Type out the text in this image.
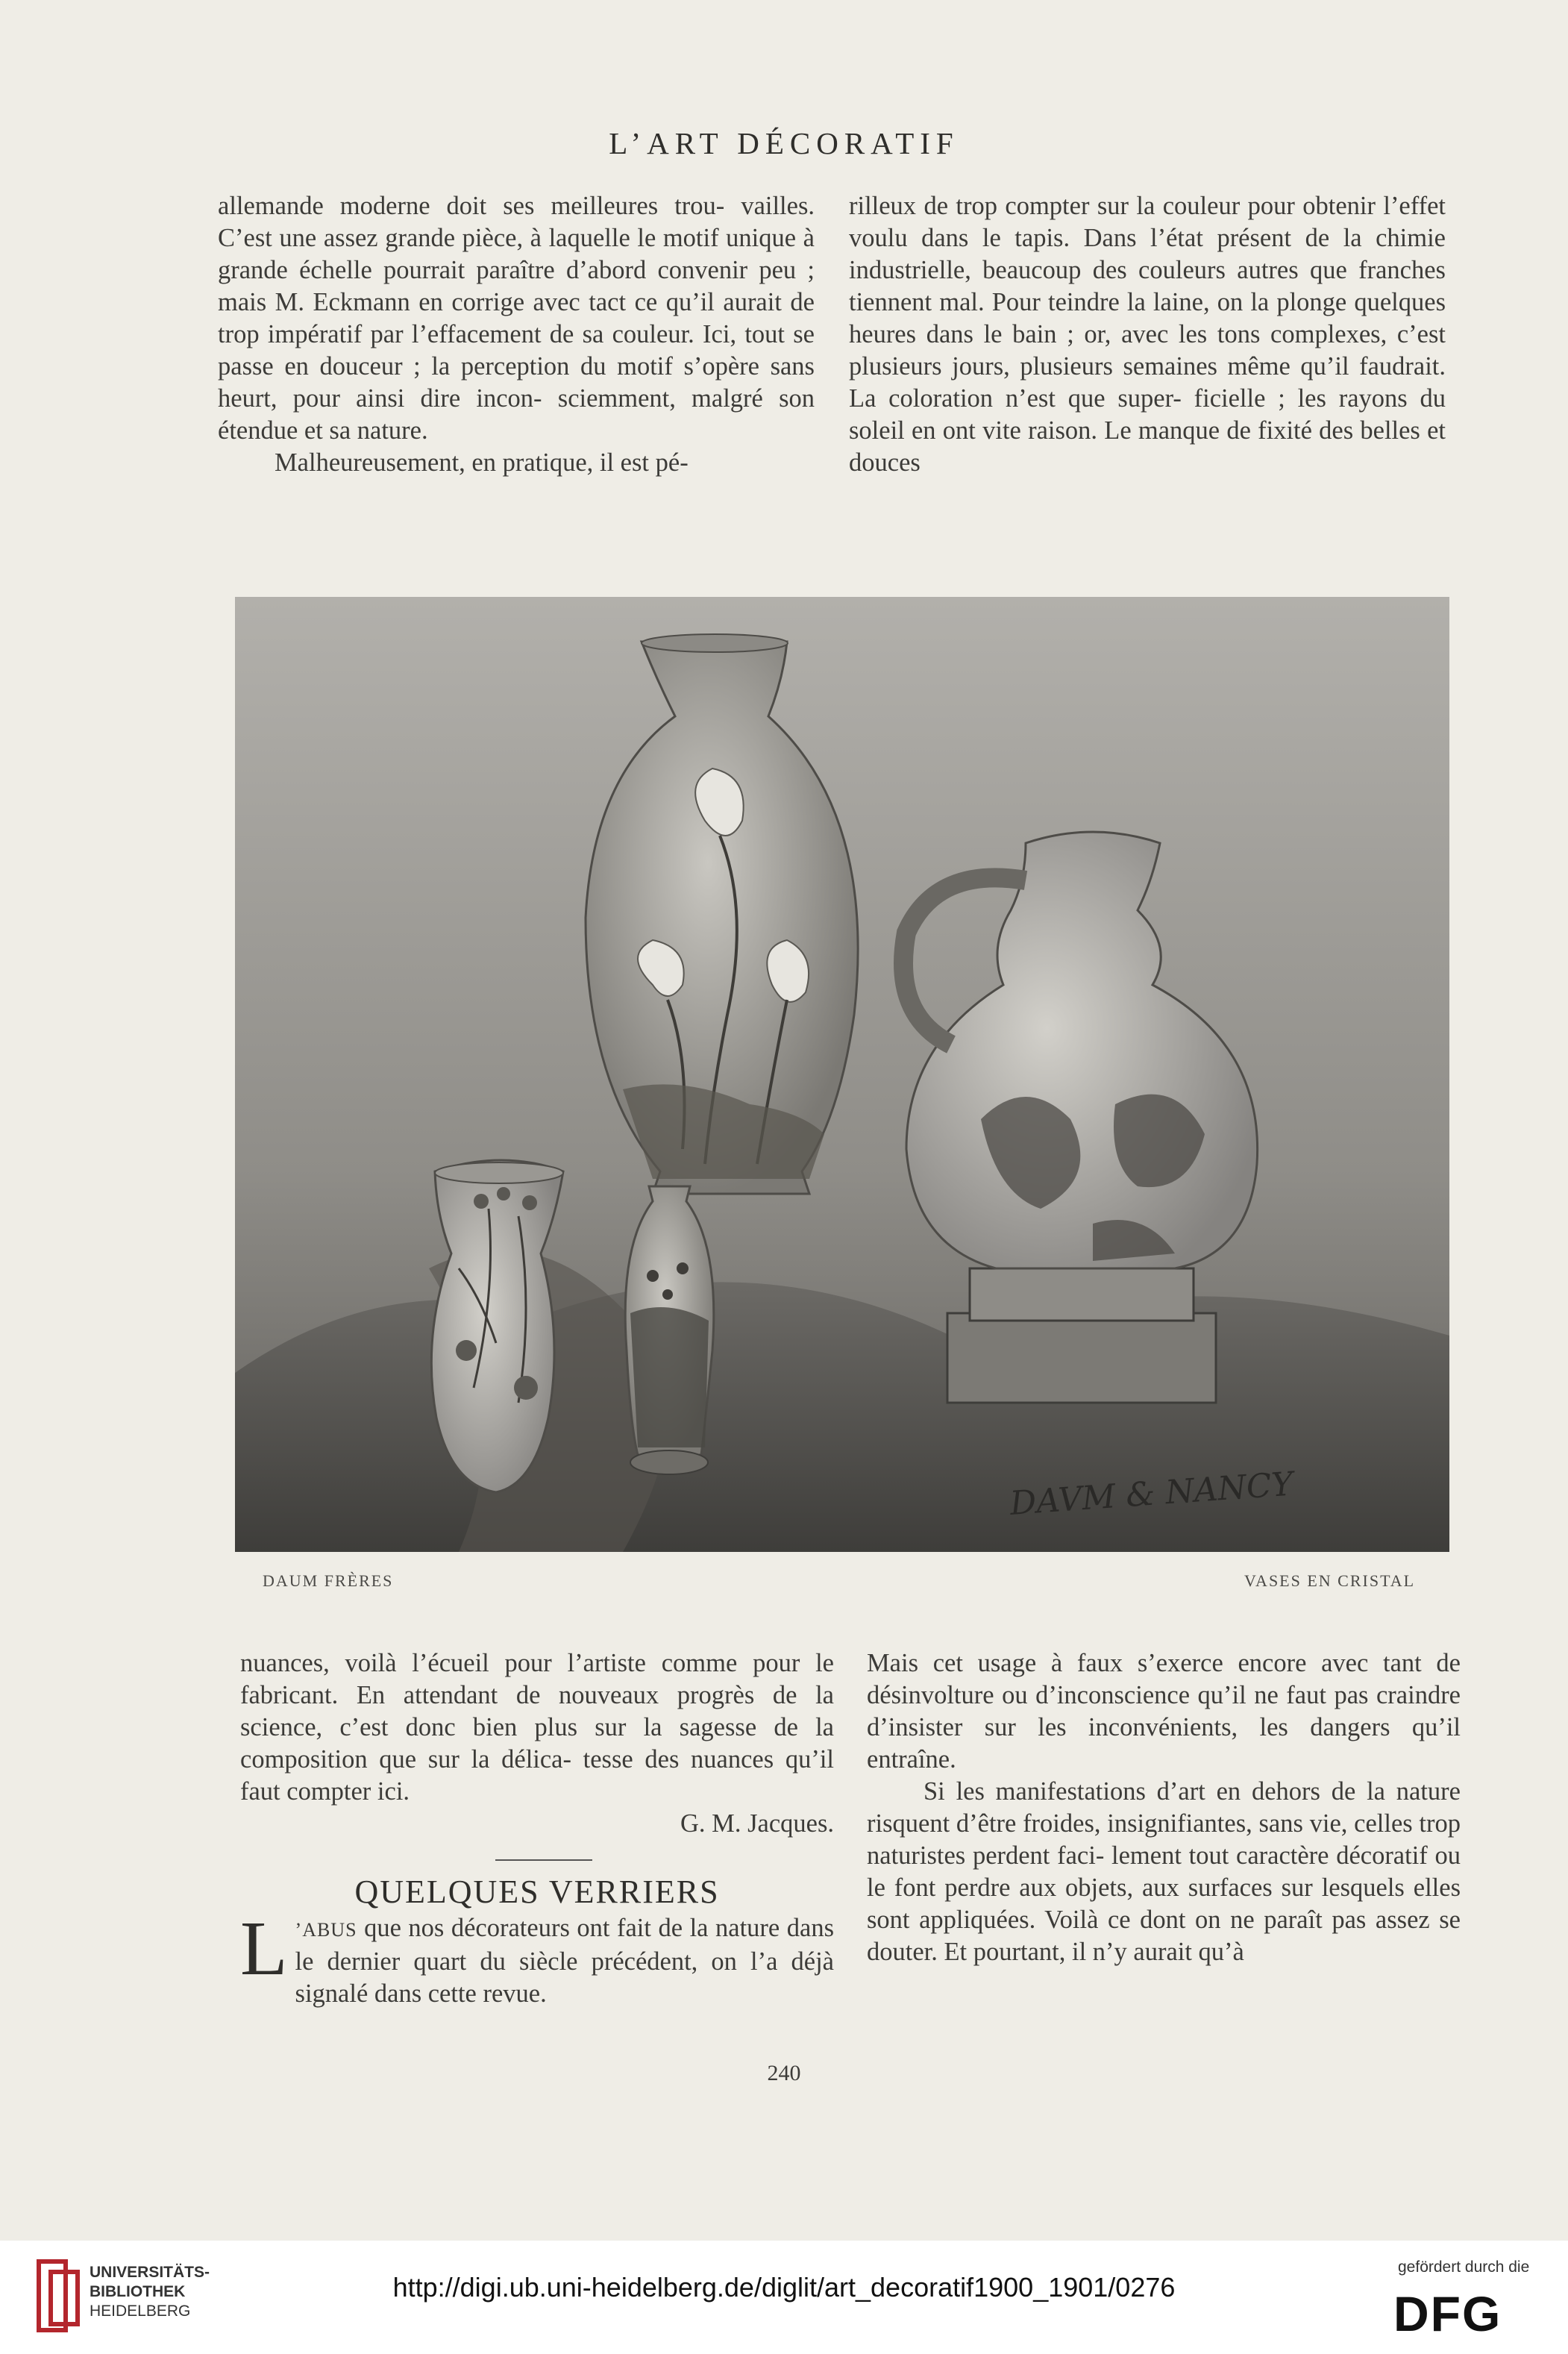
L’ART DÉCORATIF

allemande moderne doit ses meilleures trou- vailles. C’est une assez grande pièce, à laquelle le motif unique à grande échelle pourrait paraître d’abord convenir peu ; mais M. Eckmann en corrige avec tact ce qu’il aurait de trop impératif par l’effacement de sa couleur. Ici, tout se passe en douceur ; la perception du motif s’opère sans heurt, pour ainsi dire incon- sciemment, malgré son étendue et sa nature.

Malheureusement, en pratique, il est pé-

rilleux de trop compter sur la couleur pour obtenir l’effet voulu dans le tapis. Dans l’état présent de la chimie industrielle, beaucoup des couleurs autres que franches tiennent mal. Pour teindre la laine, on la plonge quelques heures dans le bain ; or, avec les tons complexes, c’est plusieurs jours, plusieurs semaines même qu’il faudrait. La coloration n’est que super- ficielle ; les rayons du soleil en ont vite raison. Le manque de fixité des belles et douces

DAVM & NANCY
DAUM FRÈRES	VASES EN CRISTAL

nuances, voilà l’écueil pour l’artiste comme pour le fabricant. En attendant de nouveaux progrès de la science, c’est donc bien plus sur la sagesse de la composition que sur la délica- tesse des nuances qu’il faut compter ici.

G. M. Jacques.

QUELQUES VERRIERS

L ’ABUS que nos décorateurs ont fait de la nature dans le dernier quart du siècle précédent, on l’a déjà signalé dans cette revue.

Mais cet usage à faux s’exerce encore avec tant de désinvolture ou d’inconscience qu’il ne faut pas craindre d’insister sur les inconvénients, les dangers qu’il entraîne.

Si les manifestations d’art en dehors de la nature risquent d’être froides, insignifiantes, sans vie, celles trop naturistes perdent faci- lement tout caractère décoratif ou le font perdre aux objets, aux surfaces sur lesquels elles sont appliquées. Voilà ce dont on ne paraît pas assez se douter. Et pourtant, il n’y aurait qu’à

240
UNIVERSITÄTS-
BIBLIOTHEK
HEIDELBERG
http://digi.ub.uni-heidelberg.de/diglit/art_decoratif1900_1901/0276
gefördert durch die
DFG
